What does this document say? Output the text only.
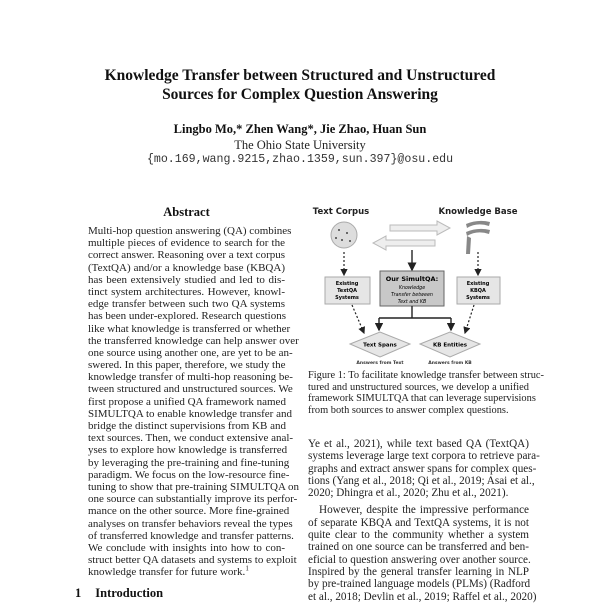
Knowledge Transfer between Structured and Unstructured
Sources for Complex Question Answering
Lingbo Mo,* Zhen Wang*, Jie Zhao, Huan Sun
The Ohio State University
{mo.169,wang.9215,zhao.1359,sun.397}@osu.edu
Abstract
Multi-hop question answering (QA) combines
multiple pieces of evidence to search for the
correct answer. Reasoning over a text corpus
(TextQA) and/or a knowledge base (KBQA)
has been extensively studied and led to dis-
tinct system architectures. However, knowl-
edge transfer between such two QA systems
has been under-explored. Research questions
like what knowledge is transferred or whether
the transferred knowledge can help answer over
one source using another one, are yet to be an-
swered. In this paper, therefore, we study the
knowledge transfer of multi-hop reasoning be-
tween structured and unstructured sources. We
first propose a unified QA framework named
SIMULTQA to enable knowledge transfer and
bridge the distinct supervisions from KB and
text sources. Then, we conduct extensive anal-
yses to explore how knowledge is transferred
by leveraging the pre-training and fine-tuning
paradigm. We focus on the low-resource fine-
tuning to show that pre-training SIMULTQA on
one source can substantially improve its perfor-
mance on the other source. More fine-grained
analyses on transfer behaviors reveal the types
of transferred knowledge and transfer patterns.
We conclude with insights into how to con-
struct better QA datasets and systems to exploit
knowledge transfer for future work.$^1$
1 Introduction
Text Corpus	Knowledge Base
Our SimultQA:
Knowledge
Transfer between
Text and KB
Existing
TextQA
Systems
Existing
KBQA
Systems
Text Spans	KB Entities
Answers from Text	Answers from KB
Figure 1: To facilitate knowledge transfer between struc-
tured and unstructured sources, we develop a unified
framework SIMULTQA that can leverage supervisions
from both sources to answer complex questions.
Ye et al., 2021), while text based QA (TextQA)
systems leverage large text corpora to retrieve para-
graphs and extract answer spans for complex ques-
tions (Yang et al., 2018; Qi et al., 2019; Asai et al.,
2020; Dhingra et al., 2020; Zhu et al., 2021).
However, despite the impressive performance
of separate KBQA and TextQA systems, it is not
quite clear to the community whether a system
trained on one source can be transferred and ben-
eficial to question answering over another source.
Inspired by the general transfer learning in NLP
by pre-trained language models (PLMs) (Radford
et al., 2018; Devlin et al., 2019; Raffel et al., 2020)
